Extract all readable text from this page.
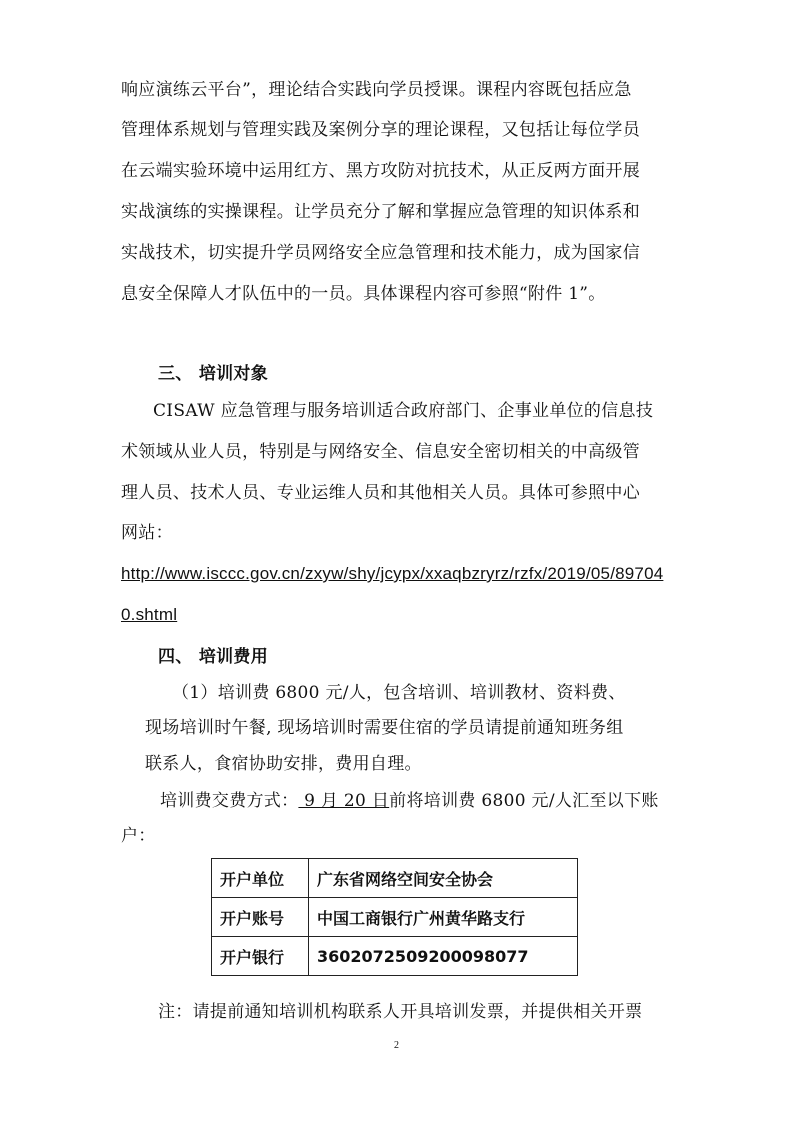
响应演练云平台”，理论结合实践向学员授课。课程内容既包括应急
管理体系规划与管理实践及案例分享的理论课程，又包括让每位学员
在云端实验环境中运用红方、黑方攻防对抗技术，从正反两方面开展
实战演练的实操课程。让学员充分了解和掌握应急管理的知识体系和
实战技术，切实提升学员网络安全应急管理和技术能力，成为国家信
息安全保障人才队伍中的一员。具体课程内容可参照“附件 1”。
三、 培训对象
CISAW 应急管理与服务培训适合政府部门、企事业单位的信息技
术领域从业人员，特别是与网络安全、信息安全密切相关的中高级管
理人员、技术人员、专业运维人员和其他相关人员。具体可参照中心
网站：
http://www.isccc.gov.cn/zxyw/shy/jcypx/xxaqbzryrz/rzfx/2019/05/89704
0.shtml
四、 培训费用
（1）培训费 6800 元/人，包含培训、培训教材、资料费、
现场培训时午餐, 现场培训时需要住宿的学员请提前通知班务组
联系人，食宿协助安排，费用自理。
培训费交费方式： 9 月 20 日前将培训费 6800 元/人汇至以下账
户：
开户单位	广东省网络空间安全协会
开户账号	中国工商银行广州黄华路支行
开户银行	3602072509200098077
注：请提前通知培训机构联系人开具培训发票，并提供相关开票
2
